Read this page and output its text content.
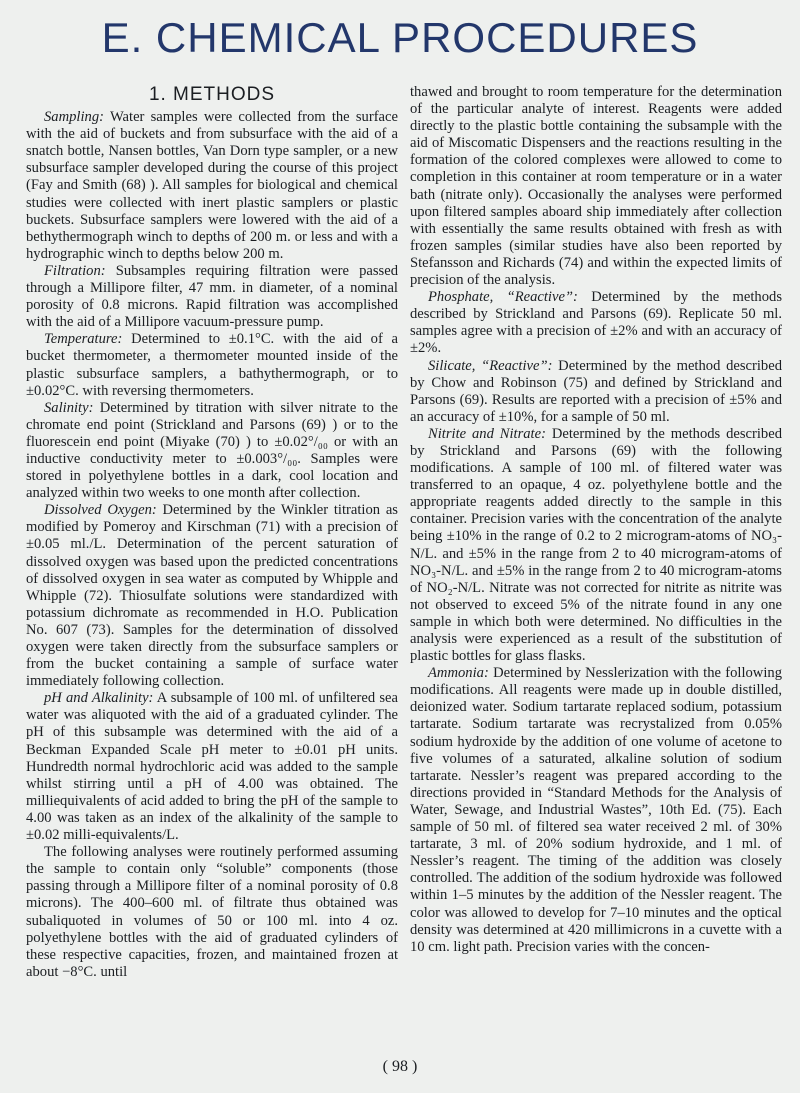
E. CHEMICAL PROCEDURES
1. METHODS

Sampling: Water samples were collected from the surface with the aid of buckets and from subsurface with the aid of a snatch bottle, Nansen bottles, Van Dorn type sampler, or a new subsurface sampler developed during the course of this project (Fay and Smith (68) ). All samples for biological and chemical studies were collected with inert plastic samplers or plastic buckets. Subsurface samplers were lowered with the aid of a bethythermograph winch to depths of 200 m. or less and with a hydrographic winch to depths below 200 m.

Filtration: Subsamples requiring filtration were passed through a Millipore filter, 47 mm. in diameter, of a nominal porosity of 0.8 microns. Rapid filtration was accomplished with the aid of a Millipore vacuum-pressure pump.

Temperature: Determined to ±0.1°C. with the aid of a bucket thermometer, a thermometer mounted inside of the plastic subsurface samplers, a bathythermograph, or to ±0.02°C. with reversing thermometers.

Salinity: Determined by titration with silver nitrate to the chromate end point (Strickland and Parsons (69) ) or to the fluorescein end point (Miyake (70) ) to ±0.02°/₀₀ or with an inductive conductivity meter to ±0.003°/₀₀. Samples were stored in polyethylene bottles in a dark, cool location and analyzed within two weeks to one month after collection.

Dissolved Oxygen: Determined by the Winkler titration as modified by Pomeroy and Kirschman (71) with a precision of ±0.05 ml./L. Determination of the percent saturation of dissolved oxygen was based upon the predicted concentrations of dissolved oxygen in sea water as computed by Whipple and Whipple (72). Thiosulfate solutions were standardized with potassium dichromate as recommended in H.O. Publication No. 607 (73). Samples for the determination of dissolved oxygen were taken directly from the subsurface samplers or from the bucket containing a sample of surface water immediately following collection.

pH and Alkalinity: A subsample of 100 ml. of unfiltered sea water was aliquoted with the aid of a graduated cylinder. The pH of this subsample was determined with the aid of a Beckman Expanded Scale pH meter to ±0.01 pH units. Hundredth normal hydrochloric acid was added to the sample whilst stirring until a pH of 4.00 was obtained. The milliequivalents of acid added to bring the pH of the sample to 4.00 was taken as an index of the alkalinity of the sample to ±0.02 milli-equivalents/L.

The following analyses were routinely performed assuming the sample to contain only “soluble” components (those passing through a Millipore filter of a nominal porosity of 0.8 microns). The 400–600 ml. of filtrate thus obtained was subaliquoted in volumes of 50 or 100 ml. into 4 oz. polyethylene bottles with the aid of graduated cylinders of these respective capacities, frozen, and maintained frozen at about −8°C. until

thawed and brought to room temperature for the determination of the particular analyte of interest. Reagents were added directly to the plastic bottle containing the subsample with the aid of Miscomatic Dispensers and the reactions resulting in the formation of the colored complexes were allowed to come to completion in this container at room temperature or in a water bath (nitrate only). Occasionally the analyses were performed upon filtered samples aboard ship immediately after collection with essentially the same results obtained with fresh as with frozen samples (similar studies have also been reported by Stefansson and Richards (74) and within the expected limits of precision of the analysis.

Phosphate, “Reactive”: Determined by the methods described by Strickland and Parsons (69). Replicate 50 ml. samples agree with a precision of ±2% and with an accuracy of ±2%.

Silicate, “Reactive”: Determined by the method described by Chow and Robinson (75) and defined by Strickland and Parsons (69). Results are reported with a precision of ±5% and an accuracy of ±10%, for a sample of 50 ml.

Nitrite and Nitrate: Determined by the methods described by Strickland and Parsons (69) with the following modifications. A sample of 100 ml. of filtered water was transferred to an opaque, 4 oz. polyethylene bottle and the appropriate reagents added directly to the sample in this container. Precision varies with the concentration of the analyte being ±10% in the range of 0.2 to 2 microgram-atoms of NO₃-N/L. and ±5% in the range from 2 to 40 microgram-atoms of NO₃-N/L. and ±5% in the range from 2 to 40 microgram-atoms of NO₂-N/L. Nitrate was not corrected for nitrite as nitrite was not observed to exceed 5% of the nitrate found in any one sample in which both were determined. No difficulties in the analysis were experienced as a result of the substitution of plastic bottles for glass flasks.

Ammonia: Determined by Nesslerization with the following modifications. All reagents were made up in double distilled, deionized water. Sodium tartarate replaced sodium, potassium tartarate. Sodium tartarate was recrystalized from 0.05% sodium hydroxide by the addition of one volume of acetone to five volumes of a saturated, alkaline solution of sodium tartarate. Nessler’s reagent was prepared according to the directions provided in “Standard Methods for the Analysis of Water, Sewage, and Industrial Wastes”, 10th Ed. (75). Each sample of 50 ml. of filtered sea water received 2 ml. of 30% tartarate, 3 ml. of 20% sodium hydroxide, and 1 ml. of Nessler’s reagent. The timing of the addition was closely controlled. The addition of the sodium hydroxide was followed within 1–5 minutes by the addition of the Nessler reagent. The color was allowed to develop for 7–10 minutes and the optical density was determined at 420 millimicrons in a cuvette with a 10 cm. light path. Precision varies with the concen-

( 98 )
